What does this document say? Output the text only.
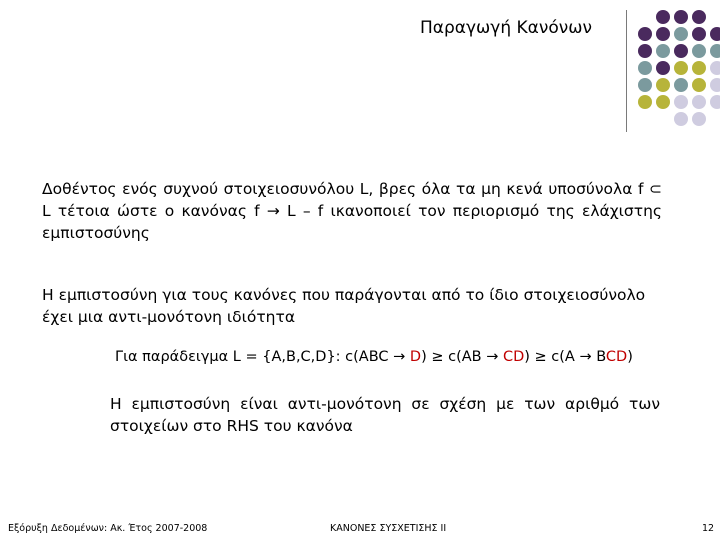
Παραγωγή Κανόνων
Δοθέντος ενός συχνού στοιχειοσυνόλου L, βρες όλα τα μη κενά υποσύνολα f ⊂ L τέτοια ώστε ο κανόνας f → L – f ικανοποιεί τον περιορισμό της ελάχιστης εμπιστοσύνης
Η εμπιστοσύνη για τους κανόνες που παράγονται από το ίδιο στοιχειοσύνολο έχει μια αντι-μονότονη ιδιότητα
Για παράδειγμα L = {A,B,C,D}: c(ABC → D) ≥ c(AB → CD) ≥ c(A → BCD)
Η εμπιστοσύνη είναι αντι-μονότονη σε σχέση με των αριθμό των στοιχείων στο RHS του κανόνα
Εξόρυξη Δεδομένων: Ακ. Έτος 2007-2008	ΚΑΝΟΝΕΣ ΣΥΣΧΕΤΙΣΗΣ ΙΙ	12
